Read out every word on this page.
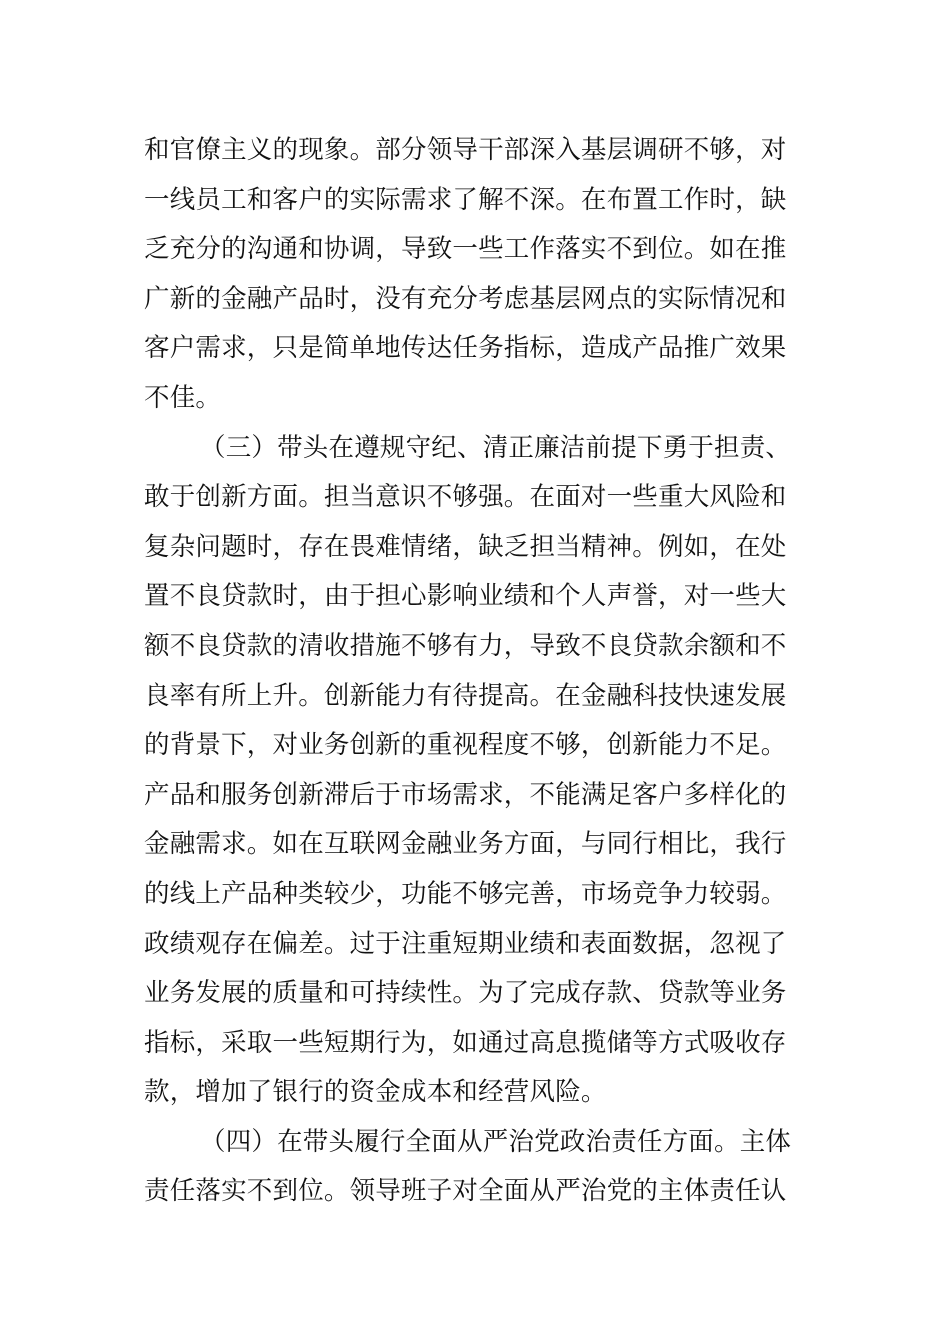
和官僚主义的现象。部分领导干部深入基层调研不够，对
一线员工和客户的实际需求了解不深。在布置工作时，缺
乏充分的沟通和协调，导致一些工作落实不到位。如在推
广新的金融产品时，没有充分考虑基层网点的实际情况和
客户需求，只是简单地传达任务指标，造成产品推广效果
不佳。
（三）带头在遵规守纪、清正廉洁前提下勇于担责、
敢于创新方面。担当意识不够强。在面对一些重大风险和
复杂问题时，存在畏难情绪，缺乏担当精神。例如，在处
置不良贷款时，由于担心影响业绩和个人声誉，对一些大
额不良贷款的清收措施不够有力，导致不良贷款余额和不
良率有所上升。创新能力有待提高。在金融科技快速发展
的背景下，对业务创新的重视程度不够，创新能力不足。
产品和服务创新滞后于市场需求，不能满足客户多样化的
金融需求。如在互联网金融业务方面，与同行相比，我行
的线上产品种类较少，功能不够完善，市场竞争力较弱。
政绩观存在偏差。过于注重短期业绩和表面数据，忽视了
业务发展的质量和可持续性。为了完成存款、贷款等业务
指标，采取一些短期行为，如通过高息揽储等方式吸收存
款，增加了银行的资金成本和经营风险。
（四）在带头履行全面从严治党政治责任方面。主体
责任落实不到位。领导班子对全面从严治党的主体责任认
